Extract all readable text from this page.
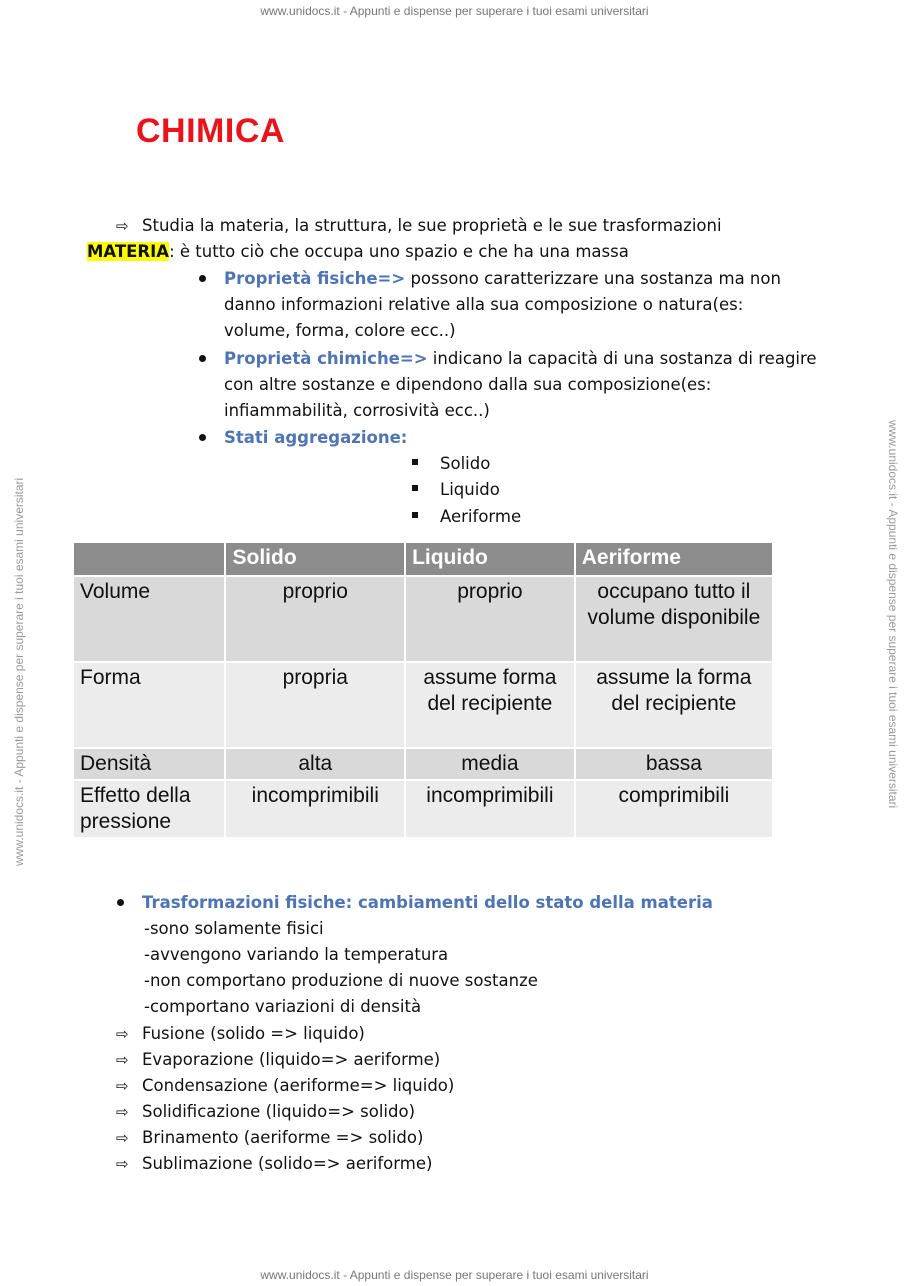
www.unidocs.it - Appunti e dispense per superare i tuoi esami universitari
www.unidocs.it - Appunti e dispense per superare i tuoi esami universitari
www.unidocs.it - Appunti e dispense per superare i tuoi esami universitari	www.unidocs.it - Appunti e dispense per superare i tuoi esami universitari
CHIMICA
⇨ Studia la materia, la struttura, le sue proprietà e le sue trasformazioni
MATERIA: è tutto ciò che occupa uno spazio e che ha una massa
Proprietà fisiche=> possono caratterizzare una sostanza ma non
danno informazioni relative alla sua composizione o natura(es:
volume, forma, colore ecc..)
Proprietà chimiche=> indicano la capacità di una sostanza di reagire
con altre sostanze e dipendono dalla sua composizione(es:
infiammabilità, corrosività ecc..)
Stati aggregazione:
Solido
Liquido
Aeriforme
	Solido	Liquido	Aeriforme
Volume	proprio	proprio	occupano tutto il volume disponibile
Forma	propria	assume forma del recipiente	assume la forma del recipiente
Densità	alta	media	bassa
Effetto della pressione	incomprimibili	incomprimibili	comprimibili
Trasformazioni fisiche: cambiamenti dello stato della materia
-sono solamente fisici
-avvengono variando la temperatura
-non comportano produzione di nuove sostanze
-comportano variazioni di densità
⇨ Fusione (solido => liquido)
⇨ Evaporazione (liquido=> aeriforme)
⇨ Condensazione (aeriforme=> liquido)
⇨ Solidificazione (liquido=> solido)
⇨ Brinamento (aeriforme => solido)
⇨ Sublimazione (solido=> aeriforme)
